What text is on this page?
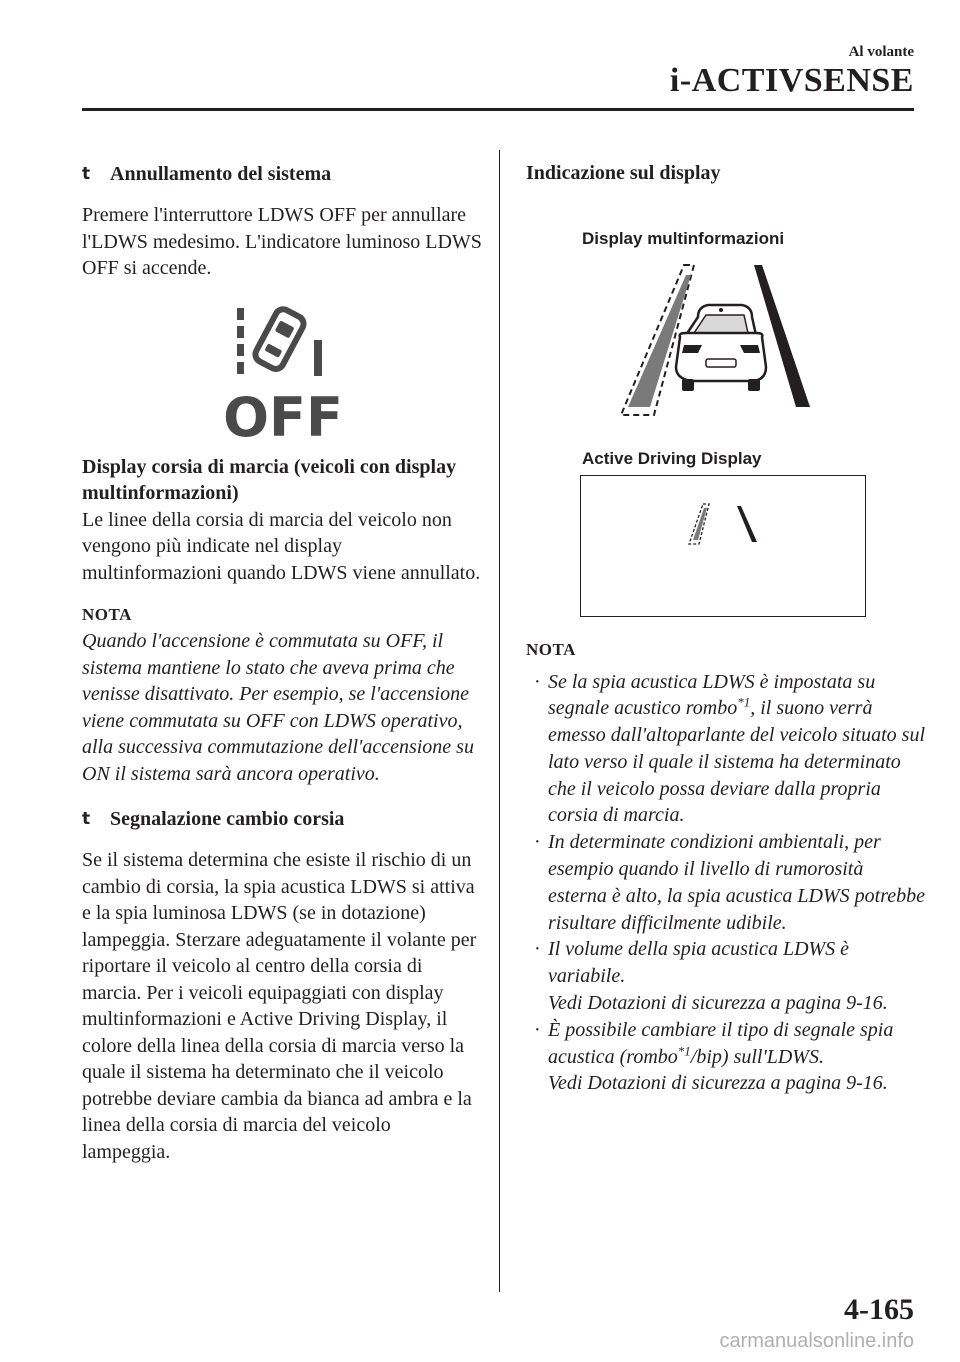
Al volante
i-ACTIVSENSE
t Annullamento del sistema

Premere l'interruttore LDWS OFF per annullare l'LDWS medesimo. L'indicatore luminoso LDWS OFF si accende.

OFF
Display corsia di marcia (veicoli con display multinformazioni)

Le linee della corsia di marcia del veicolo non vengono più indicate nel display multinformazioni quando LDWS viene annullato.

NOTA

Quando l'accensione è commutata su OFF, il sistema mantiene lo stato che aveva prima che venisse disattivato. Per esempio, se l'accensione viene commutata su OFF con LDWS operativo, alla successiva commutazione dell'accensione su ON il sistema sarà ancora operativo.

t Segnalazione cambio corsia

Se il sistema determina che esiste il rischio di un cambio di corsia, la spia acustica LDWS si attiva e la spia luminosa LDWS (se in dotazione) lampeggia. Sterzare adeguatamente il volante per riportare il veicolo al centro della corsia di marcia. Per i veicoli equipaggiati con display multinformazioni e Active Driving Display, il colore della linea della corsia di marcia verso la quale il sistema ha determinato che il veicolo potrebbe deviare cambia da bianca ad ambra e la linea della corsia di marcia del veicolo lampeggia.

Indicazione sul display
Display multinformazioni
Active Driving Display
NOTA
· Se la spia acustica LDWS è impostata su segnale acustico rombo$^{*1}$, il suono verrà emesso dall'altoparlante del veicolo situato sul lato verso il quale il sistema ha determinato che il veicolo possa deviare dalla propria corsia di marcia.
· In determinate condizioni ambientali, per esempio quando il livello di rumorosità esterna è alto, la spia acustica LDWS potrebbe risultare difficilmente udibile.
· Il volume della spia acustica LDWS è variabile.
Vedi Dotazioni di sicurezza a pagina 9-16.
· È possibile cambiare il tipo di segnale spia acustica (rombo$^{*1}$/bip) sull'LDWS.
Vedi Dotazioni di sicurezza a pagina 9-16.
4-165
carmanualsonline.info
